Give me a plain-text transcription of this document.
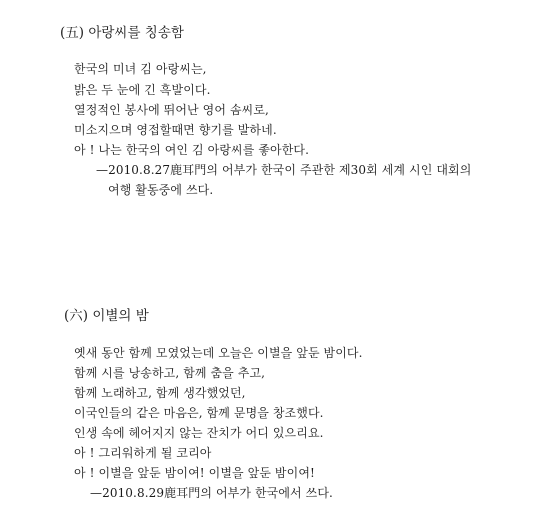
(五) 아랑씨를 칭송함
한국의 미녀 김 아랑씨는,
밝은 두 눈에 긴 흑발이다.
열정적인 봉사에 뛰어난 영어 솜씨로,
미소지으며 영접할때면 향기를 발하네.
아 ! 나는 한국의 여인 김 아랑씨를 좋아한다.
—2010.8.27鹿耳門의 어부가 한국이 주관한 제30회 세계 시인 대회의
여행 활동중에 쓰다.
(六) 이별의 밤
옛새 동안 함께 모였었는데 오늘은 이별을 앞둔 밤이다.
함께 시를 낭송하고, 함께 춤을 추고,
함께 노래하고, 함께 생각했었던,
이국인들의 같은 마음은, 함께 문명을 창조했다.
인생 속에 헤어지지 않는 잔치가 어디 있으리요.
아 ! 그리워하게 될 코리아
아 ! 이별을 앞둔 밤이여! 이별을 앞둔 밤이여!
—2010.8.29鹿耳門의 어부가 한국에서 쓰다.
